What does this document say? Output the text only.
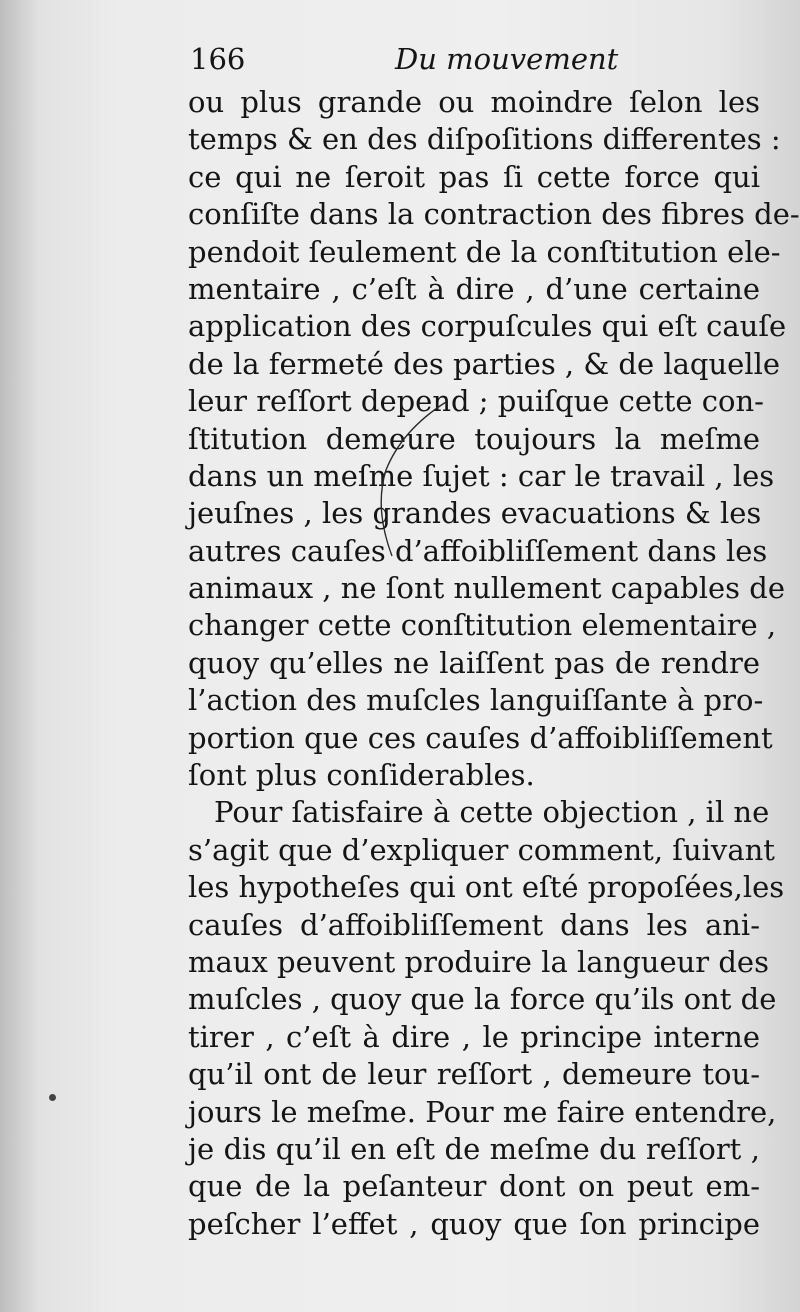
166	Du mouvement
ou plus grande ou moindre ſelon les
temps & en des diſpoſitions differentes :
ce qui ne ſeroit pas ſi cette force qui
conſiſte dans la contraction des fibres de-
pendoit ſeulement de la conſtitution ele-
mentaire , c’eſt à dire , d’une certaine
application des corpuſcules qui eſt cauſe
de la fermeté des parties , & de laquelle
leur reſſort depend ; puiſque cette con-
ſtitution demeure toujours la meſme
dans un meſme ſujet : car le travail , les
jeuſnes , les grandes evacuations & les
autres cauſes d’affoibliſſement dans les
animaux , ne ſont nullement capables de
changer cette conſtitution elementaire ,
quoy qu’elles ne laiſſent pas de rendre
l’action des muſcles languiſſante à pro-
portion que ces cauſes d’affoibliſſement
ſont plus conſiderables.
Pour ſatisfaire à cette objection , il ne
s’agit que d’expliquer comment, ſuivant
les hypotheſes qui ont eſté propoſées,les
cauſes d’affoibliſſement dans les ani-
maux peuvent produire la langueur des
muſcles , quoy que la force qu’ils ont de
tirer , c’eſt à dire , le principe interne
qu’il ont de leur reſſort , demeure tou-
jours le meſme. Pour me faire entendre,
je dis qu’il en eſt de meſme du reſſort ,
que de la peſanteur dont on peut em-
peſcher l’effet , quoy que ſon principe
